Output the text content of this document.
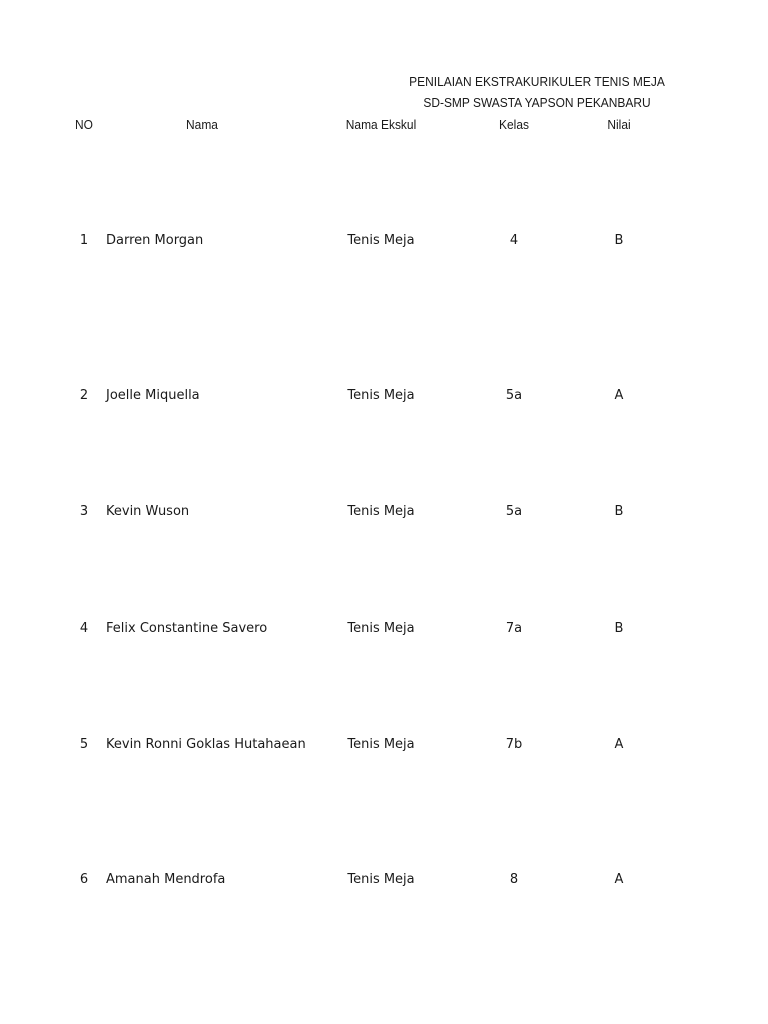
PENILAIAN EKSTRAKURIKULER TENIS MEJA
SD-SMP SWASTA YAPSON PEKANBARU
NO	Nama	Nama Ekskul	Kelas	Nilai
1 Darren Morgan	Tenis Meja	4	B
2 Joelle Miquella	Tenis Meja	5a	A
3 Kevin Wuson	Tenis Meja	5a	B
4 Felix Constantine Savero	Tenis Meja	7a	B
5 Kevin Ronni Goklas Hutahaean	Tenis Meja	7b	A
6 Amanah Mendrofa	Tenis Meja	8	A
